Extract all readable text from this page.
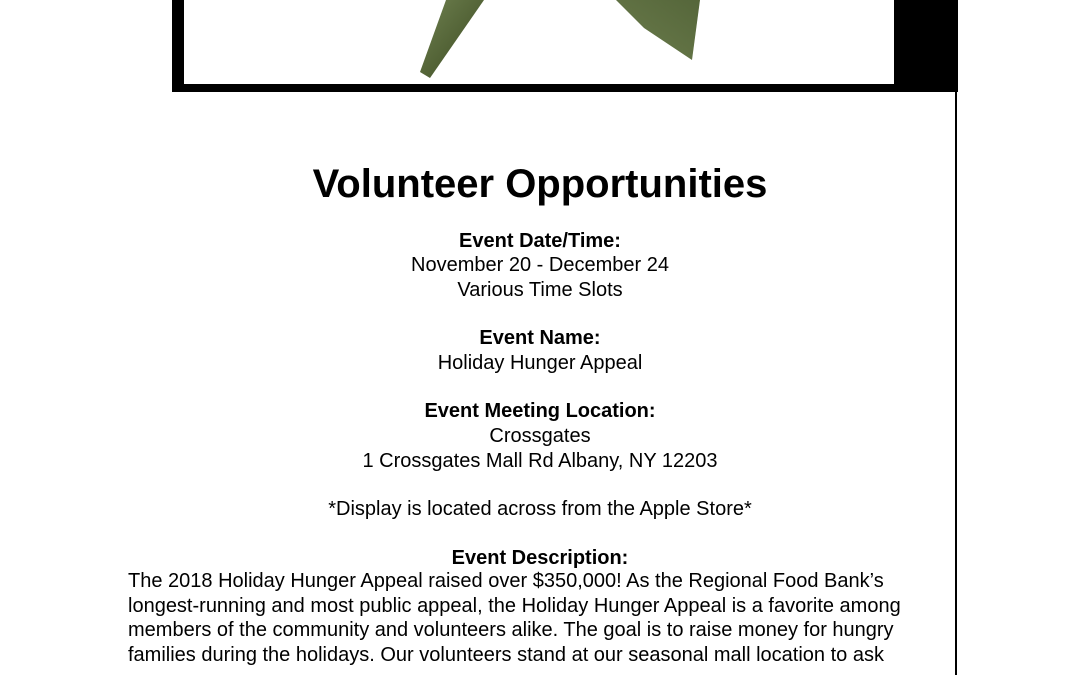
Volunteer Opportunities
Event Date/Time:
November 20 - December 24
Various Time Slots
Event Name:
Holiday Hunger Appeal
Event Meeting Location:
Crossgates
1 Crossgates Mall Rd Albany, NY 12203
*Display is located across from the Apple Store*
Event Description:
The 2018 Holiday Hunger Appeal raised over $350,000! As the Regional Food Bank’s
longest-running and most public appeal, the Holiday Hunger Appeal is a favorite among
members of the community and volunteers alike. The goal is to raise money for hungry
families during the holidays. Our volunteers stand at our seasonal mall location to ask
